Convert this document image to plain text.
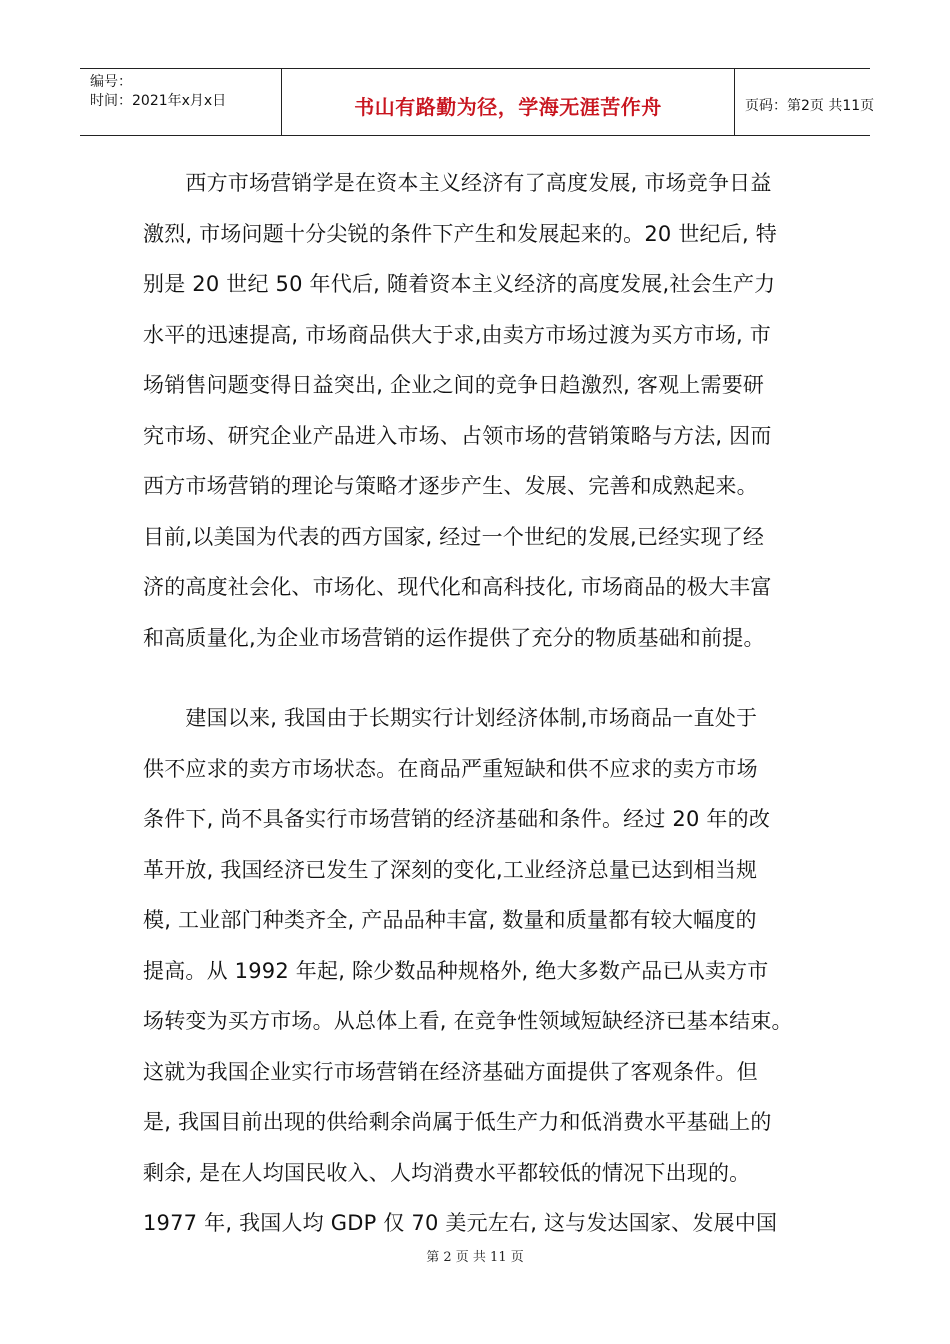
编号：
时间：2021年x月x日	书山有路勤为径，学海无涯苦作舟	页码：第2页 共11页

　　西方市场营销学是在资本主义经济有了高度发展, 市场竞争日益

激烈, 市场问题十分尖锐的条件下产生和发展起来的。20 世纪后, 特

别是 20 世纪 50 年代后, 随着资本主义经济的高度发展,社会生产力

水平的迅速提高, 市场商品供大于求,由卖方市场过渡为买方市场, 市

场销售问题变得日益突出, 企业之间的竞争日趋激烈, 客观上需要研

究市场、研究企业产品进入市场、占领市场的营销策略与方法, 因而

西方市场营销的理论与策略才逐步产生、发展、完善和成熟起来。

目前,以美国为代表的西方国家, 经过一个世纪的发展,已经实现了经

济的高度社会化、市场化、现代化和高科技化, 市场商品的极大丰富

和高质量化,为企业市场营销的运作提供了充分的物质基础和前提。

　　建国以来, 我国由于长期实行计划经济体制,市场商品一直处于

供不应求的卖方市场状态。在商品严重短缺和供不应求的卖方市场

条件下, 尚不具备实行市场营销的经济基础和条件。经过 20 年的改

革开放, 我国经济已发生了深刻的变化,工业经济总量已达到相当规

模, 工业部门种类齐全, 产品品种丰富, 数量和质量都有较大幅度的

提高。从 1992 年起, 除少数品种规格外, 绝大多数产品已从卖方市

场转变为买方市场。从总体上看, 在竞争性领域短缺经济已基本结束。

这就为我国企业实行市场营销在经济基础方面提供了客观条件。但

是, 我国目前出现的供给剩余尚属于低生产力和低消费水平基础上的

剩余, 是在人均国民收入、人均消费水平都较低的情况下出现的。

1977 年, 我国人均 GDP 仅 70 美元左右, 这与发达国家、发展中国

第 2 页 共 11 页
